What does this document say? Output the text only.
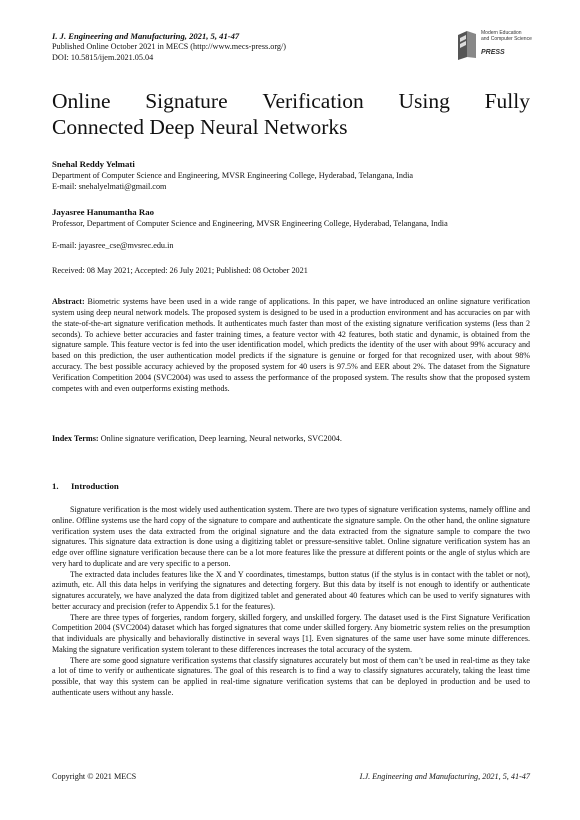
I. J. Engineering and Manufacturing, 2021, 5, 41-47
Published Online October 2021 in MECS (http://www.mecs-press.org/)
DOI: 10.5815/ijem.2021.05.04
Modern Education
and Computer Science
PRESS
Online Signature Verification Using Fully
Connected Deep Neural Networks
Snehal Reddy Yelmati
Department of Computer Science and Engineering, MVSR Engineering College, Hyderabad, Telangana, India
E-mail: snehalyelmati@gmail.com
Jayasree Hanumantha Rao
Professor, Department of Computer Science and Engineering, MVSR Engineering College, Hyderabad, Telangana, India
E-mail: jayasree_cse@mvsrec.edu.in
Received: 08 May 2021; Accepted: 26 July 2021; Published: 08 October 2021
Abstract: Biometric systems have been used in a wide range of applications. In this paper, we have introduced an online signature verification system using deep neural network models. The proposed system is designed to be used in a production environment and has accuracies on par with the state-of-the-art signature verification methods. It authenticates much faster than most of the existing signature verification systems (less than 2 seconds). To achieve better accuracies and faster training times, a feature vector with 42 features, both static and dynamic, is obtained from the signature sample. This feature vector is fed into the user identification model, which predicts the identity of the user with about 99% accuracy and based on this prediction, the user authentication model predicts if the signature is genuine or forged for that recognized user, with about 98% accuracy. The best possible accuracy achieved by the proposed system for 40 users is 97.5% and EER about 2%. The dataset from the Signature Verification Competition 2004 (SVC2004) was used to assess the performance of the proposed system. The results show that the proposed system competes with and even outperforms existing methods.
Index Terms: Online signature verification, Deep learning, Neural networks, SVC2004.
1. Introduction

Signature verification is the most widely used authentication system. There are two types of signature verification systems, namely offline and online. Offline systems use the hard copy of the signature to compare and authenticate the signature sample. On the other hand, the online signature verification system uses the data extracted from the original signature and the data extracted from the signature sample to compare the two signatures. This signature data extraction is done using a digitizing tablet or pressure-sensitive tablet. Online signature verification system has an edge over offline signature verification because there can be a lot more features like the pressure at different points or the angle of stylus which are very hard to duplicate and are very specific to a person.

The extracted data includes features like the X and Y coordinates, timestamps, button status (if the stylus is in contact with the tablet or not), azimuth, etc. All this data helps in verifying the signatures and detecting forgery. But this data by itself is not enough to identify or authenticate signatures accurately, we have analyzed the data from digitized tablet and generated about 40 features which can be used to verify signatures with better accuracy and precision (refer to Appendix 5.1 for the features).

There are three types of forgeries, random forgery, skilled forgery, and unskilled forgery. The dataset used is the First Signature Verification Competition 2004 (SVC2004) dataset which has forged signatures that come under skilled forgery. Any biometric system relies on the presumption that individuals are physically and behaviorally distinctive in several ways [1]. Even signatures of the same user have some minute differences. Making the signature verification system tolerant to these differences increases the total accuracy of the system.

There are some good signature verification systems that classify signatures accurately but most of them can’t be used in real-time as they take a lot of time to verify or authenticate signatures. The goal of this research is to find a way to classify signatures accurately, taking the least time possible, that way this system can be applied in real-time signature verification systems that can be deployed in production and be used to authenticate users without any hassle.

Copyright © 2021 MECS	I.J. Engineering and Manufacturing, 2021, 5, 41-47
